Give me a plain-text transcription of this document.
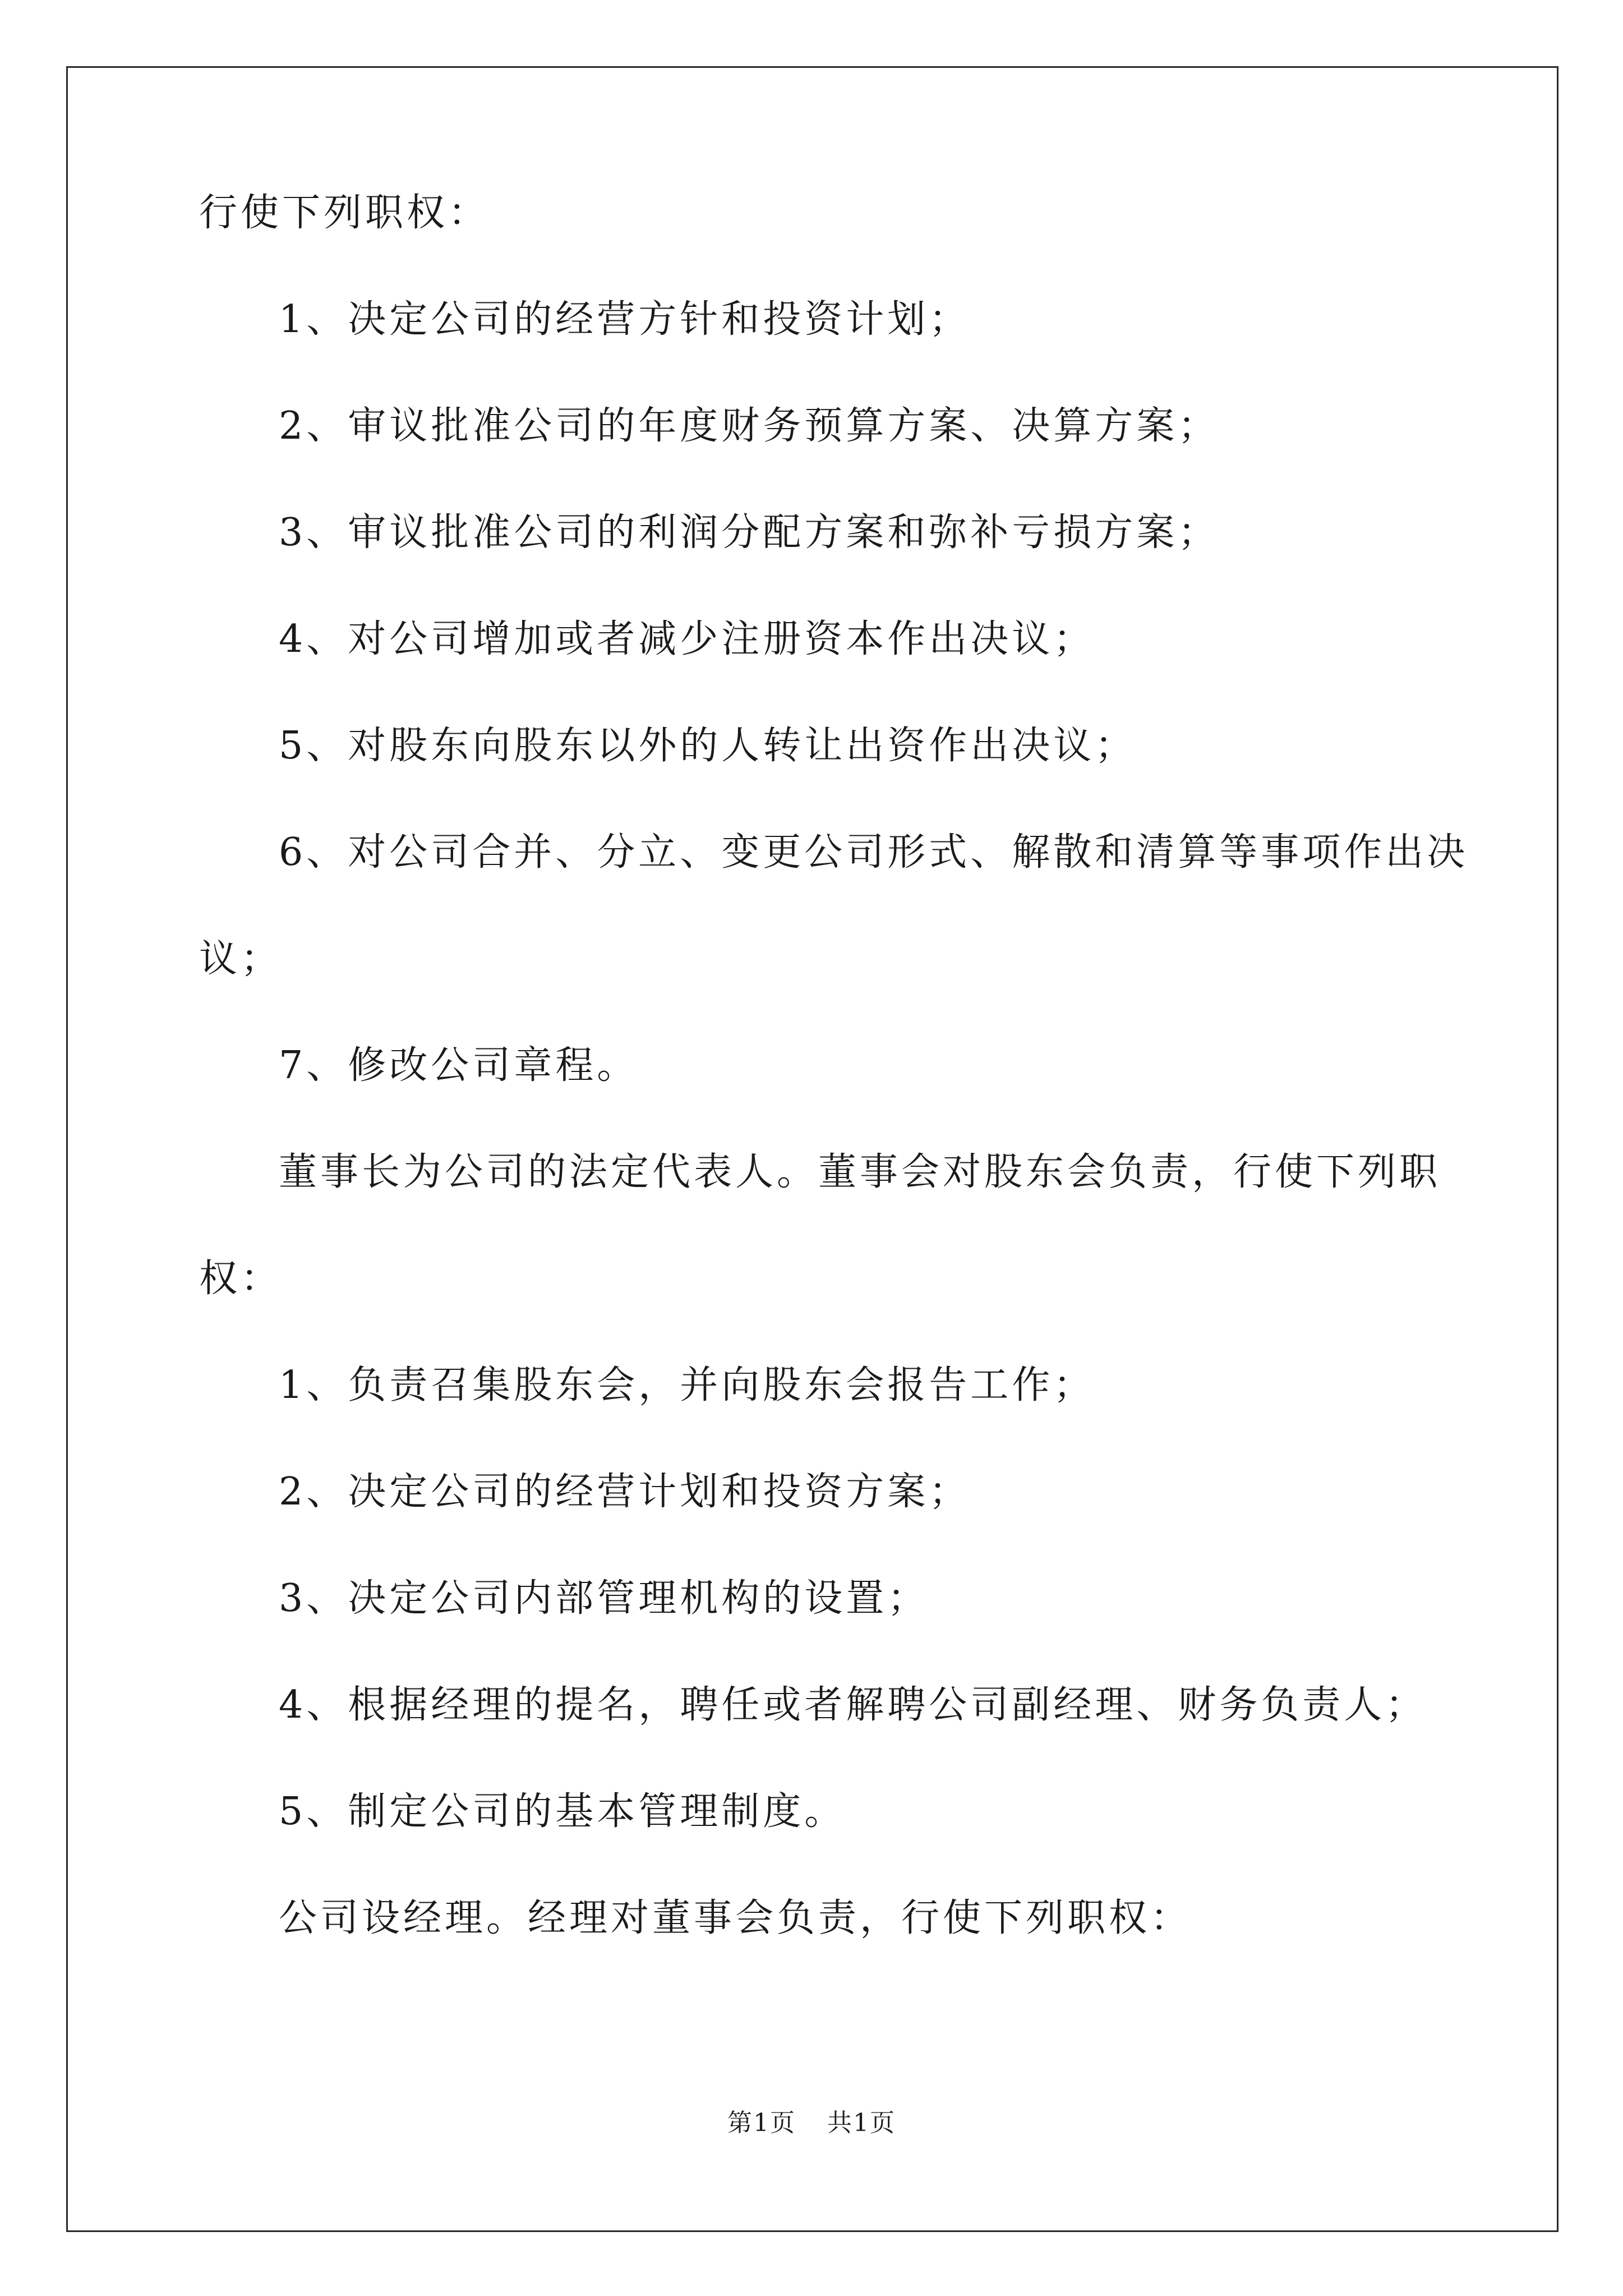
行使下列职权：
1、决定公司的经营方针和投资计划；
2、审议批准公司的年度财务预算方案、决算方案；
3、审议批准公司的利润分配方案和弥补亏损方案；
4、对公司增加或者减少注册资本作出决议；
5、对股东向股东以外的人转让出资作出决议；
6、对公司合并、分立、变更公司形式、解散和清算等事项作出决
议；
7、修改公司章程。
董事长为公司的法定代表人。董事会对股东会负责，行使下列职
权：
1、负责召集股东会，并向股东会报告工作；
2、决定公司的经营计划和投资方案；
3、决定公司内部管理机构的设置；
4、根据经理的提名，聘任或者解聘公司副经理、财务负责人；
5、制定公司的基本管理制度。
公司设经理。经理对董事会负责，行使下列职权：
第1页 共1页
